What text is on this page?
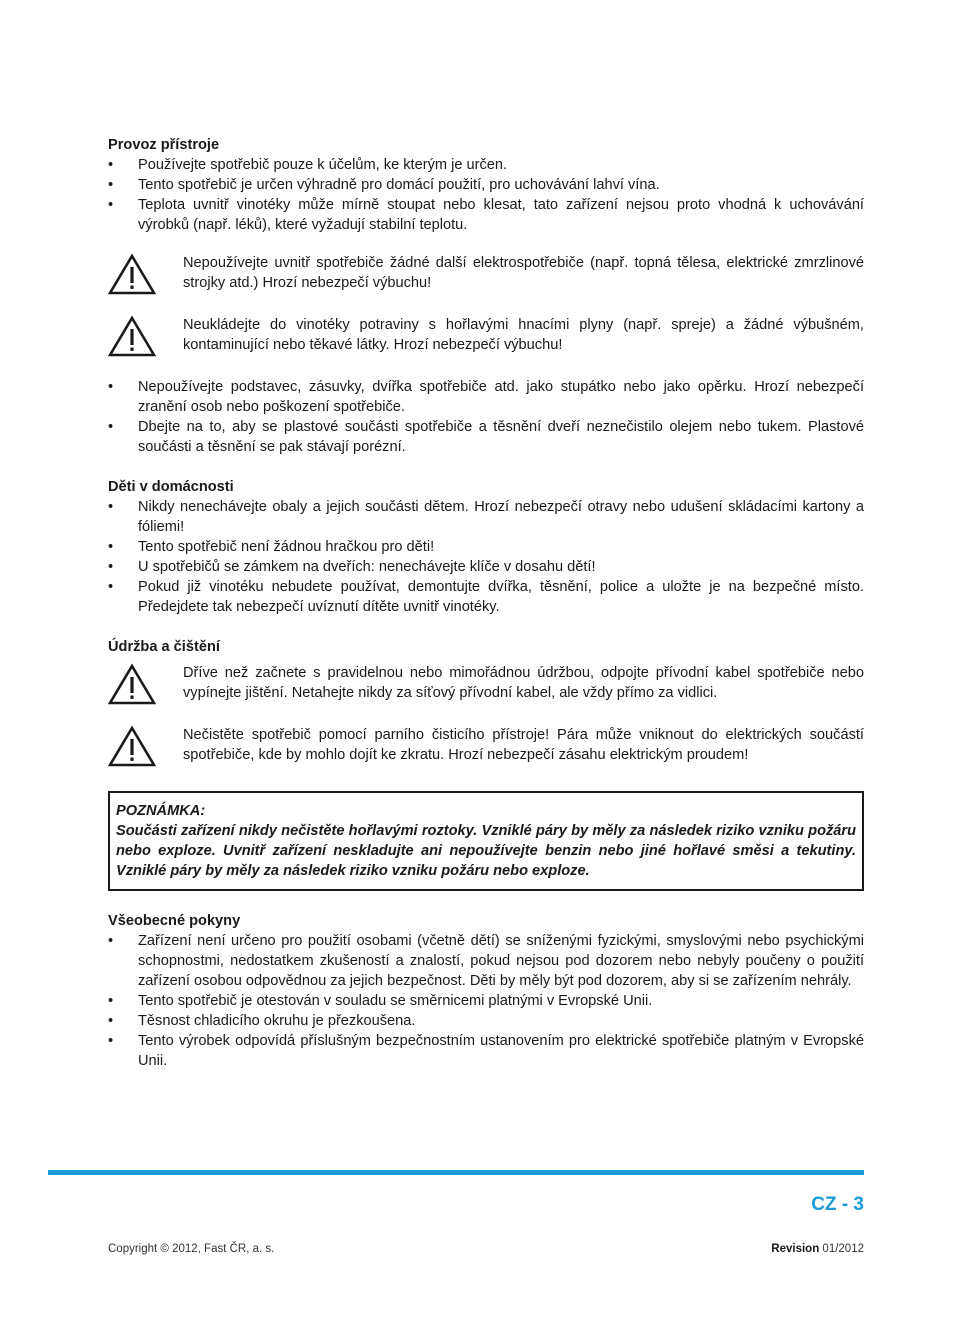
Provoz přístroje
•	Používejte spotřebič pouze k účelům, ke kterým je určen.
•	Tento spotřebič je určen výhradně pro domácí použití, pro uchovávání lahví vína.
•	Teplota uvnitř vinotéky může mírně stoupat nebo klesat, tato zařízení nejsou proto vhodná k uchovávání výrobků (např. léků), které vyžadují stabilní teplotu.
Nepoužívejte uvnitř spotřebiče žádné další elektrospotřebiče (např. topná tělesa, elektrické zmrzlinové strojky atd.) Hrozí nebezpečí výbuchu!
Neukládejte do vinotéky potraviny s hořlavými hnacími plyny (např. spreje) a žádné výbušném, kontaminující nebo těkavé látky. Hrozí nebezpečí výbuchu!
•	Nepoužívejte podstavec, zásuvky, dvířka spotřebiče atd. jako stupátko nebo jako opěrku. Hrozí nebezpečí zranění osob nebo poškození spotřebiče.
•	Dbejte na to, aby se plastové součásti spotřebiče a těsnění dveří neznečistilo olejem nebo tukem. Plastové součásti a těsnění se pak stávají porézní.
Děti v domácnosti
•	Nikdy nenechávejte obaly a jejich součásti dětem. Hrozí nebezpečí otravy nebo udušení skládacími kartony a fóliemi!
•	Tento spotřebič není žádnou hračkou pro děti!
•	U spotřebičů se zámkem na dveřích: nenechávejte klíče v dosahu dětí!
•	Pokud již vinotéku nebudete používat, demontujte dvířka, těsnění, police a uložte je na bezpečné místo. Předejdete tak nebezpečí uvíznutí dítěte uvnitř vinotéky.
Údržba a čištění
Dříve než začnete s pravidelnou nebo mimořádnou údržbou, odpojte přívodní kabel spotřebiče nebo vypínejte jištění. Netahejte nikdy za síťový přívodní kabel, ale vždy přímo za vidlici.
Nečistěte spotřebič pomocí parního čisticího přístroje! Pára může vniknout do elektrických součástí spotřebiče, kde by mohlo dojít ke zkratu. Hrozí nebezpečí zásahu elektrickým proudem!
POZNÁMKA:
Součásti zařízení nikdy nečistěte hořlavými roztoky. Vzniklé páry by měly za následek riziko vzniku požáru nebo exploze. Uvnitř zařízení neskladujte ani nepoužívejte benzin nebo jiné hořlavé směsi a tekutiny. Vzniklé páry by měly za následek riziko vzniku požáru nebo exploze.
Všeobecné pokyny
•	Zařízení není určeno pro použití osobami (včetně dětí) se sníženými fyzickými, smyslovými nebo psychickými schopnostmi, nedostatkem zkušeností a znalostí, pokud nejsou pod dozorem nebo nebyly poučeny o použití zařízení osobou odpovědnou za jejich bezpečnost. Děti by měly být pod dozorem, aby si se zařízením nehrály.
•	Tento spotřebič je otestován v souladu se směrnicemi platnými v Evropské Unii.
•	Těsnost chladicího okruhu je přezkoušena.
•	Tento výrobek odpovídá příslušným bezpečnostním ustanovením pro elektrické spotřebiče platným v Evropské Unii.
CZ - 3
Copyright © 2012, Fast ČR, a. s.	Revision 01/2012
